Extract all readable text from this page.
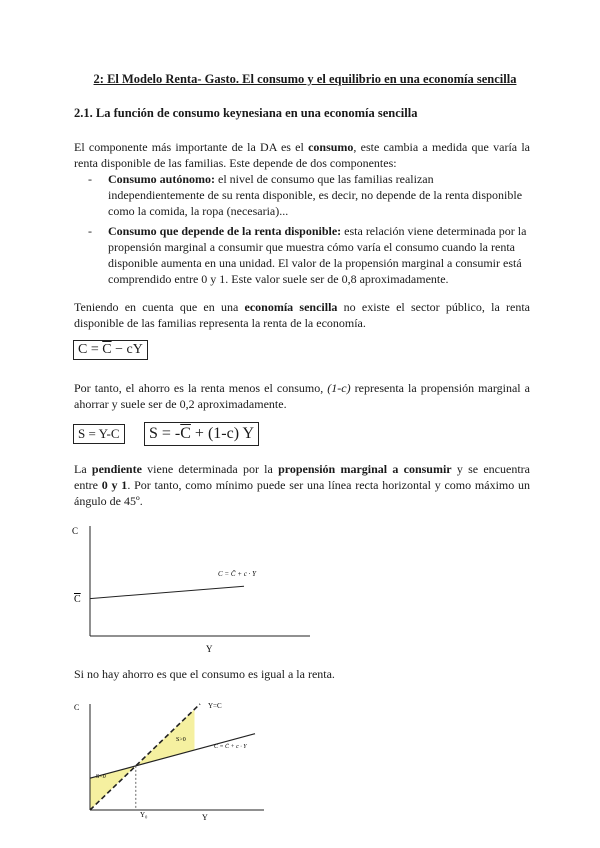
2: El Modelo Renta- Gasto. El consumo y el equilibrio en una economía sencilla
2.1. La función de consumo keynesiana en una economía sencilla
El componente más importante de la DA es el consumo, este cambia a medida que varía la renta disponible de las familias. Este depende de dos componentes:
-	Consumo autónomo: el nivel de consumo que las familias realizan independientemente de su renta disponible, es decir, no depende de la renta disponible como la comida, la ropa (necesaria)...
-	Consumo que depende de la renta disponible: esta relación viene determinada por la propensión marginal a consumir que muestra cómo varía el consumo cuando la renta disponible aumenta en una unidad. El valor de la propensión marginal a consumir está comprendido entre 0 y 1. Este valor suele ser de 0,8 aproximadamente.
Teniendo en cuenta que en una economía sencilla no existe el sector público, la renta disponible de las familias representa la renta de la economía.
$C = \overline{C}$ − cY
Por tanto, el ahorro es la renta menos el consumo, (1-c) representa la propensión marginal a ahorrar y suele ser de 0,2 aproximadamente.
S = Y-C	$S = -\overline{C} + (1-c)$ Y
La pendiente viene determinada por la propensión marginal a consumir y se encuentra entre 0 y 1. Por tanto, como mínimo puede ser una línea recta horizontal y como máximo un ángulo de 45º.
C
Y
C
C = C̄ + c · Y
Si no hay ahorro es que el consumo es igual a la renta.
C
Y
Y₀
Y=C
C = C̄ + c · Y
S<0
S>0
